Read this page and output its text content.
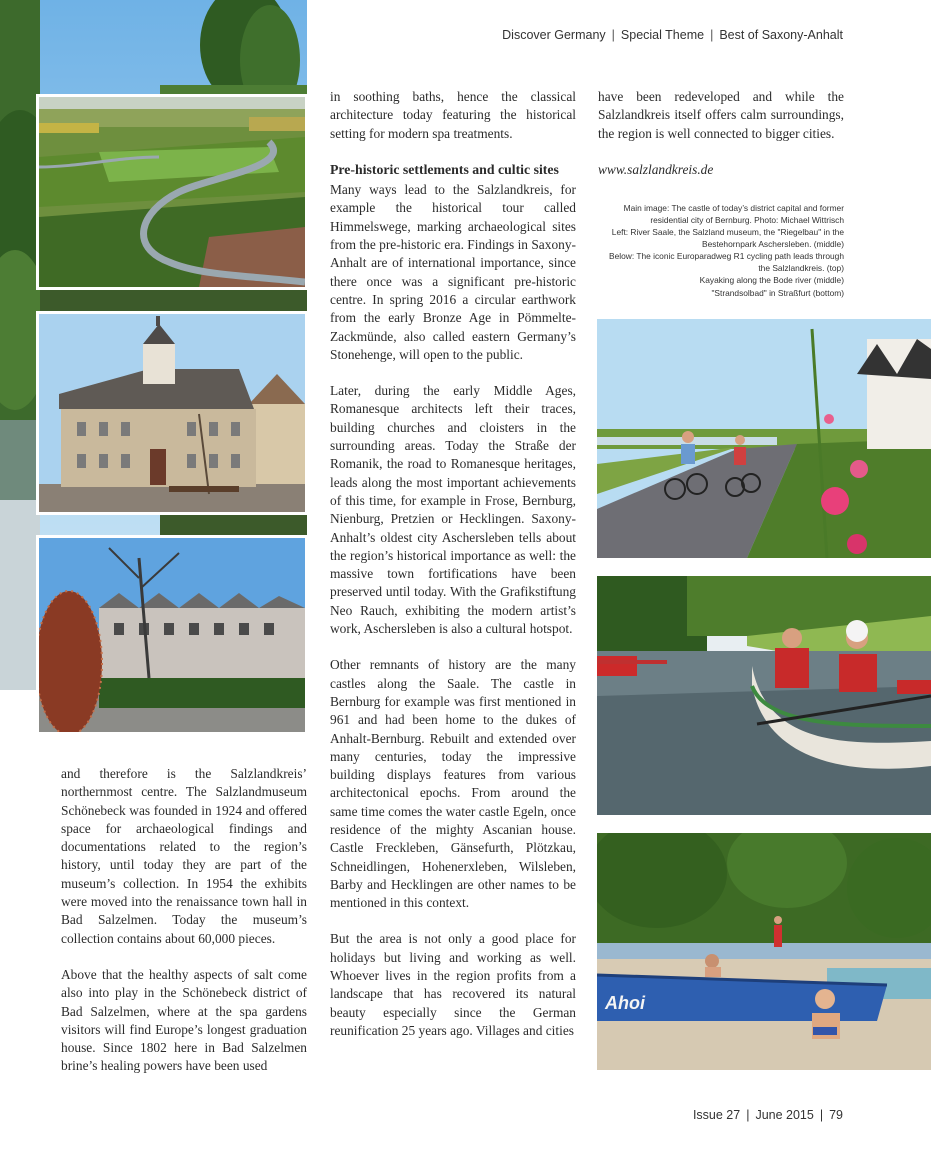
Discover Germany | Special Theme | Best of Saxony-Anhalt

and therefore is the Salzlandkreis’ northernmost centre. The Salzlandmuseum Schönebeck was founded in 1924 and offered space for archaeological findings and documentations related to the region’s history, until today they are part of the museum’s collection. In 1954 the exhibits were moved into the renaissance town hall in Bad Salzelmen. Today the museum’s collection contains about 60,000 pieces.

Above that the healthy aspects of salt come also into play in the Schönebeck district of Bad Salzelmen, where at the spa gardens visitors will find Europe’s longest graduation house. Since 1802 here in Bad Salzelmen brine’s healing powers have been used

in soothing baths, hence the classical architecture today featuring the historical setting for modern spa treatments.

Pre-historic settlements and cultic sites

Many ways lead to the Salzlandkreis, for example the historical tour called Himmelswege, marking archaeological sites from the pre-historic era. Findings in Saxony-Anhalt are of international importance, since there once was a significant pre-historic centre. In spring 2016 a circular earthwork from the early Bronze Age in Pömmelte-Zackmünde, also called eastern Germany’s Stonehenge, will open to the public.

Later, during the early Middle Ages, Romanesque architects left their traces, building churches and cloisters in the surrounding areas. Today the Straße der Romanik, the road to Romanesque heritages, leads along the most important achievements of this time, for example in Frose, Bernburg, Nienburg, Pretzien or Hecklingen. Saxony-Anhalt’s oldest city Aschersleben tells about the region’s historical importance as well: the massive town fortifications have been preserved until today. With the Grafikstiftung Neo Rauch, exhibiting the modern artist’s work, Aschersleben is also a cultural hotspot.

Other remnants of history are the many castles along the Saale. The castle in Bernburg for example was first mentioned in 961 and had been home to the dukes of Anhalt-Bernburg. Rebuilt and extended over many centuries, today the impressive building displays features from various architectonical epochs. From around the same time comes the water castle Egeln, once residence of the mighty Ascanian house. Castle Freckleben, Gänsefurth, Plötzkau, Schneidlingen, Hohenerxleben, Wilsleben, Barby and Hecklingen are other names to be mentioned in this context.

But the area is not only a good place for holidays but living and working as well. Whoever lives in the region profits from a landscape that has recovered its natural beauty especially since the German reunification 25 years ago. Villages and cities

have been redeveloped and while the Salzlandkreis itself offers calm surroundings, the region is well connected to bigger cities.

www.salzlandkreis.de
Main image: The castle of today’s district capital and former residential city of Bernburg. Photo: Michael Wittrisch
Left: River Saale, the Salzland museum, the "Riegelbau" in the Bestehornpark Aschersleben. (middle)
Below: The iconic Europaradweg R1 cycling path leads through the Salzlandkreis. (top)
Kayaking along the Bode river (middle)
"Strandsolbad" in Straßfurt (bottom)
Ahoi
Issue 27 | June 2015 | 79
